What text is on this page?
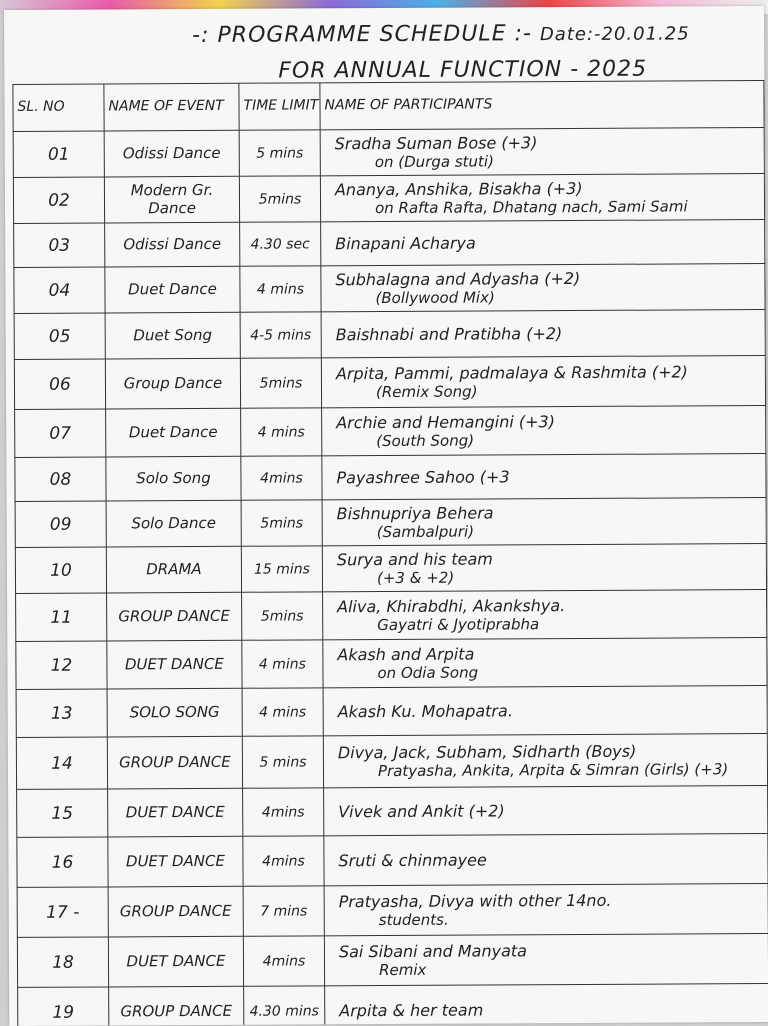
-: PROGRAMME SCHEDULE :- Date:-20.01.25
FOR ANNUAL FUNCTION - 2025
SL. NO	NAME OF EVENT	TIME LIMIT	NAME OF PARTICIPANTS
01	Odissi Dance	5 mins	Sradha Suman Bose (+3)
on (Durga stuti)

02	Modern Gr. Dance	5mins	Ananya, Anshika, Bisakha (+3)
on Rafta Rafta, Dhatang nach, Sami Sami

03	Odissi Dance	4.30 sec	Binapani Acharya

04	Duet Dance	4 mins	Subhalagna and Adyasha (+2)
(Bollywood Mix)

05	Duet Song	4-5 mins	Baishnabi and Pratibha (+2)

06	Group Dance	5mins	Arpita, Pammi, padmalaya & Rashmita (+2)
(Remix Song)

07	Duet Dance	4 mins	Archie and Hemangini (+3)
(South Song)

08	Solo Song	4mins	Payashree Sahoo (+3

09	Solo Dance	5mins	Bishnupriya Behera
(Sambalpuri)

10	DRAMA	15 mins	Surya and his team
(+3 & +2)

11	GROUP DANCE	5mins	Aliva, Khirabdhi, Akankshya.
Gayatri & Jyotiprabha

12	DUET DANCE	4 mins	Akash and Arpita
on Odia Song

13	SOLO SONG	4 mins	Akash Ku. Mohapatra.

14	GROUP DANCE	5 mins	Divya, Jack, Subham, Sidharth (Boys)
Pratyasha, Ankita, Arpita & Simran (Girls) (+3)

15	DUET DANCE	4mins	Vivek and Ankit (+2)

16	DUET DANCE	4mins	Sruti & chinmayee

17 -	GROUP DANCE	7 mins	Pratyasha, Divya with other 14no.
students.

18	DUET DANCE	4mins	Sai Sibani and Manyata
Remix

19	GROUP DANCE	4.30 mins	Arpita & her team
